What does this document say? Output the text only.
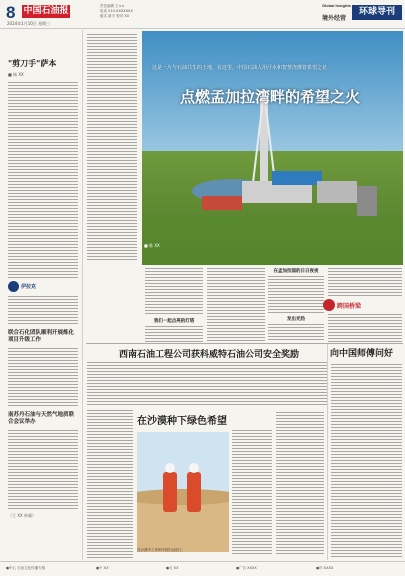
8 中国石油报
2024年1月10日 星期三
责任编辑 王××
电话 010-XXXXXXX
版式 新平 校对 XX
Global Insights
境外经营
环球导刊
"剪刀手"萨本
■ 杨 XX
伊拉克
联合石化团队顺利开展炼化项目升级工作
南苏丹石油与天然气地质联合会议举办
（王 XX 转载）
这是一片与石油共生的土地，在这里，中国石油人用汗水和智慧浇灌着希望之花
点燃孟加拉湾畔的希望之火
■ 陈 XX
我们一起点亮的灯塔
在孟加拉国的日日夜夜
发出光热
跨国桥梁
西南石油工程公司获科威特石油公司安全奖励	向中国师傅问好
在沙漠种下绿色希望
在沙漠中工作的中国石油员工
●中心 石油文化传播专版	●中 XX	●石 XX	●广告 XXXX	●印 XXXX
